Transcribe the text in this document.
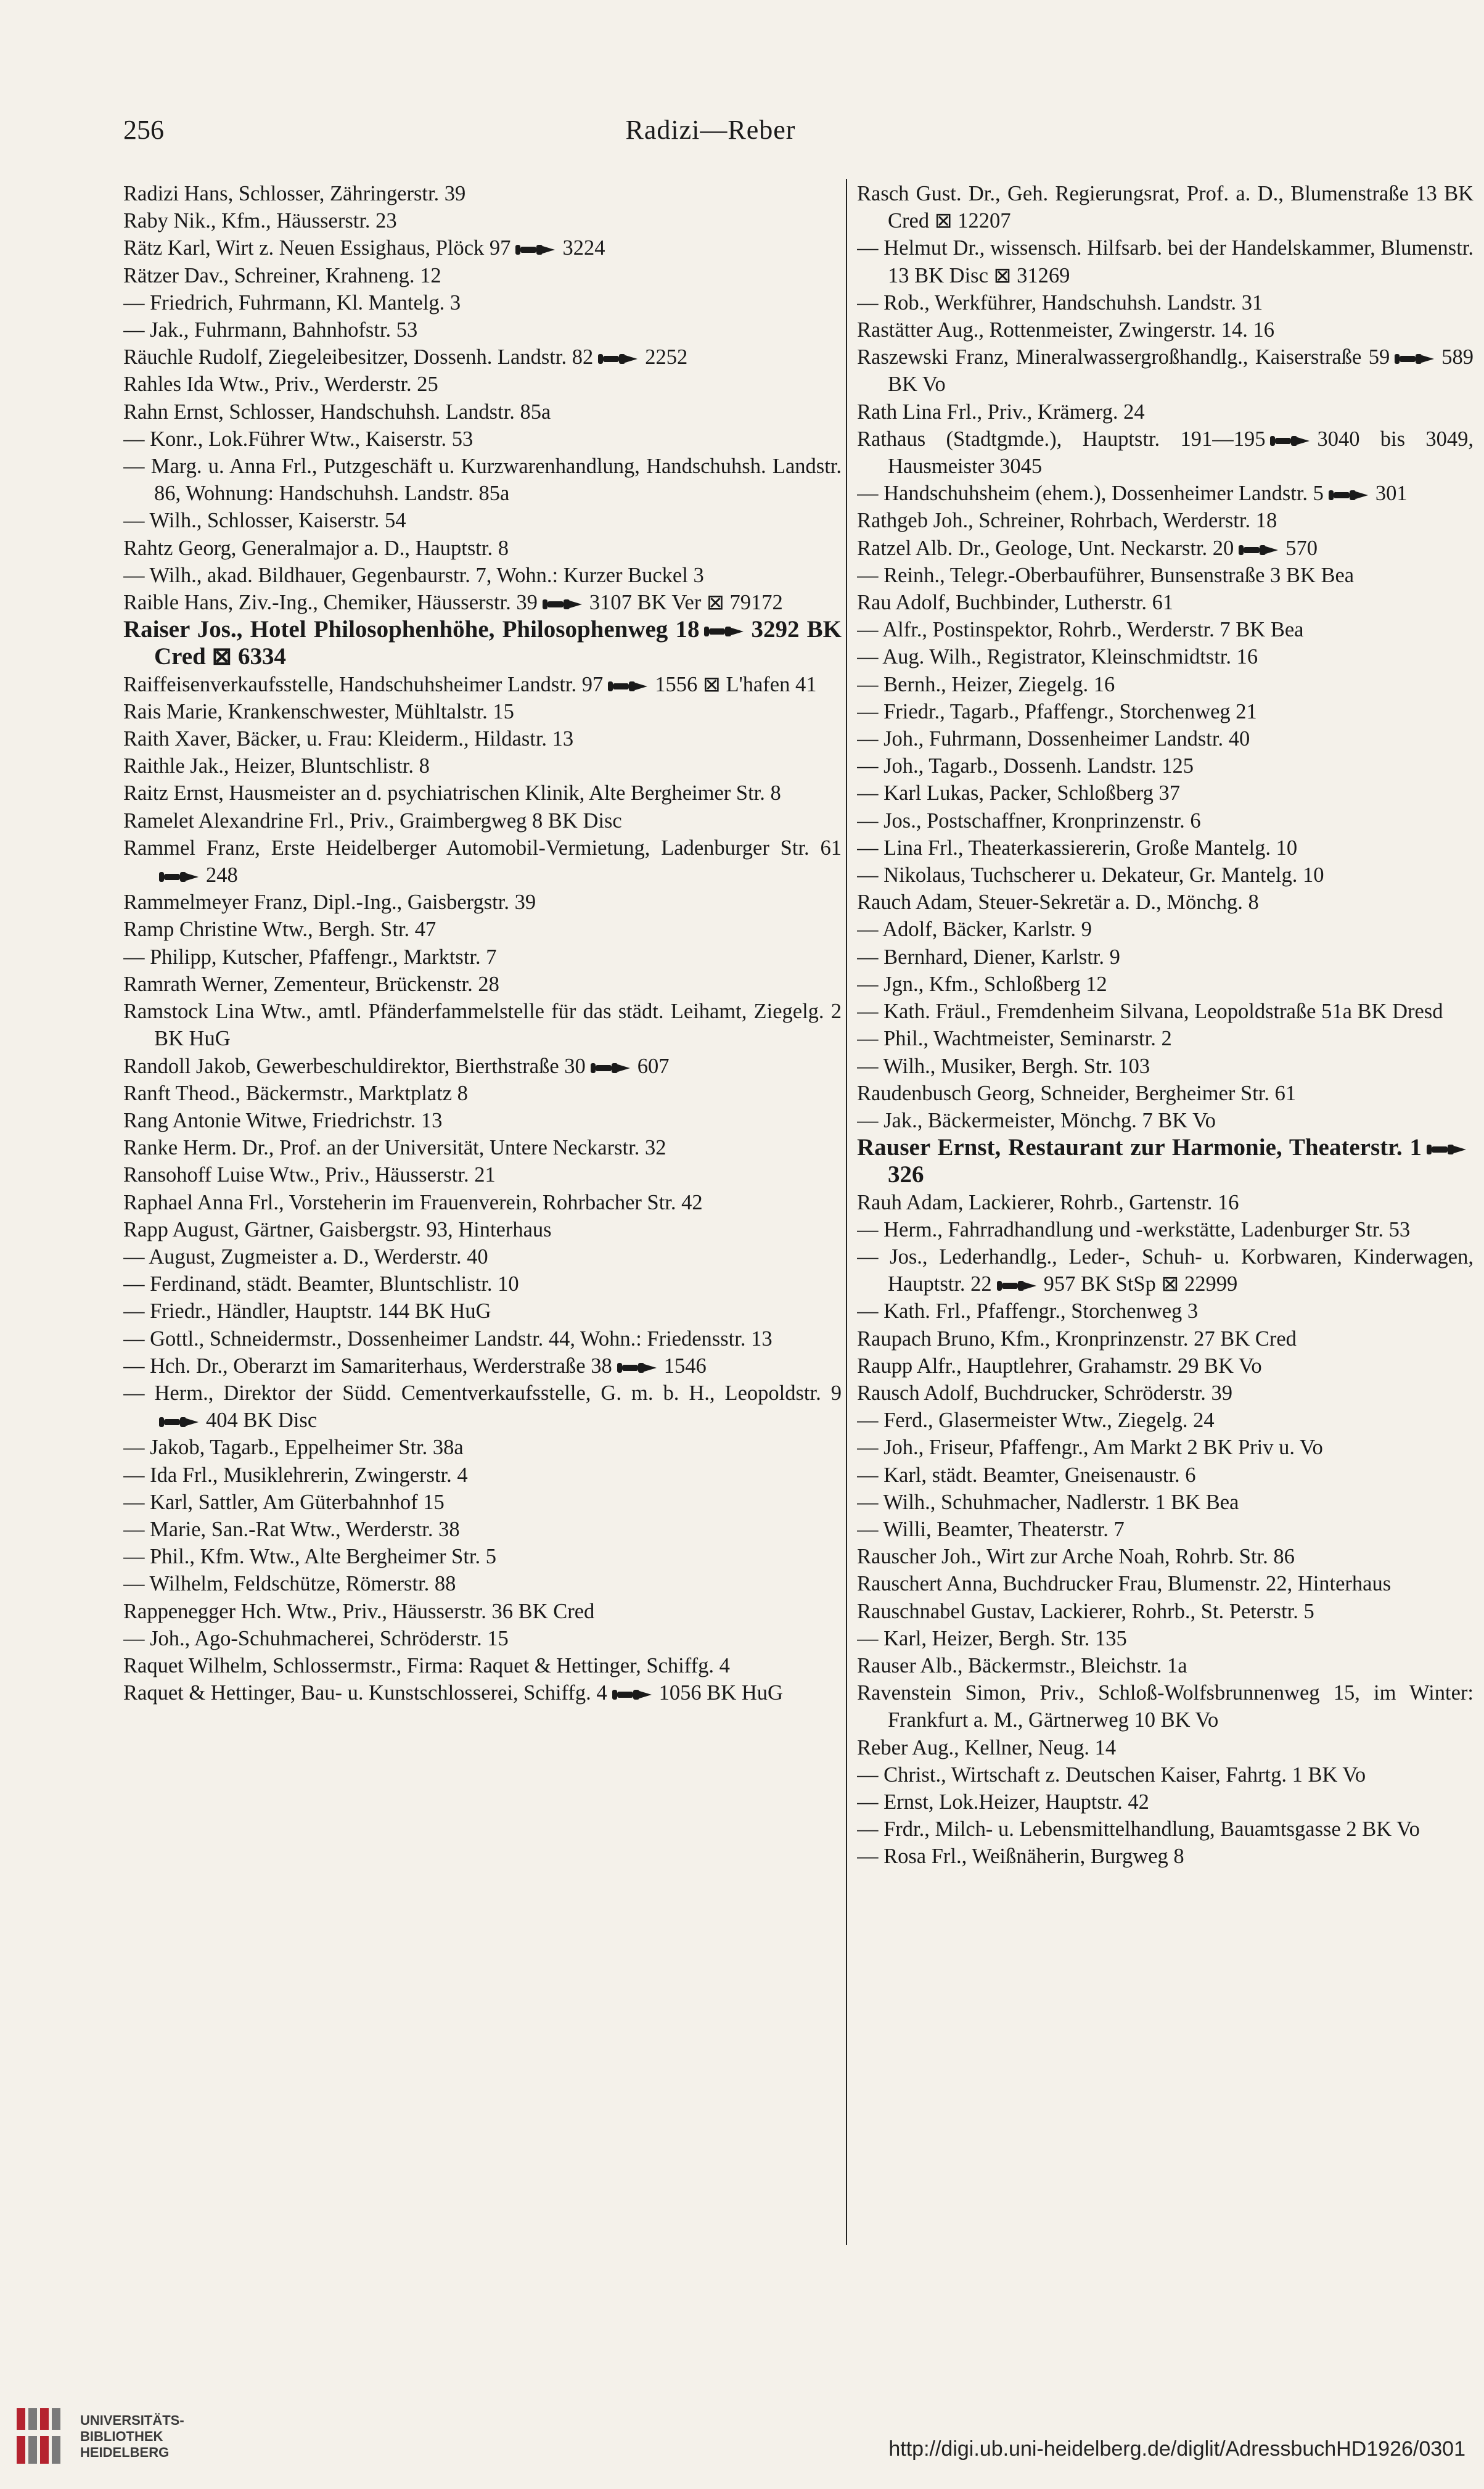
256	Radizi—Reber

Radizi Hans, Schlosser, Zähringerstr. 39

Raby Nik., Kfm., Häusserstr. 23

Rätz Karl, Wirt z. Neuen Essighaus, Plöck 97 3224

Rätzer Dav., Schreiner, Krahneng. 12

— Friedrich, Fuhrmann, Kl. Mantelg. 3

— Jak., Fuhrmann, Bahnhofstr. 53

Räuchle Rudolf, Ziegeleibesitzer, Dossenh. Landstr. 82 2252

Rahles Ida Wtw., Priv., Werderstr. 25

Rahn Ernst, Schlosser, Handschuhsh. Landstr. 85a

— Konr., Lok.Führer Wtw., Kaiserstr. 53

— Marg. u. Anna Frl., Putzgeschäft u. Kurzwarenhandlung, Handschuhsh. Landstr. 86, Wohnung: Handschuhsh. Landstr. 85a

— Wilh., Schlosser, Kaiserstr. 54

Rahtz Georg, Generalmajor a. D., Hauptstr. 8

— Wilh., akad. Bildhauer, Gegenbaurstr. 7, Wohn.: Kurzer Buckel 3

Raible Hans, Ziv.-Ing., Chemiker, Häusserstr. 39 3107 BK Ver ⊠ 79172

Raiser Jos., Hotel Philosophenhöhe, Philosophenweg 18 3292 BK Cred ⊠ 6334

Raiffeisenverkaufsstelle, Handschuhsheimer Landstr. 97 1556 ⊠ L'hafen 41

Rais Marie, Krankenschwester, Mühltalstr. 15

Raith Xaver, Bäcker, u. Frau: Kleiderm., Hildastr. 13

Raithle Jak., Heizer, Bluntschlistr. 8

Raitz Ernst, Hausmeister an d. psychiatrischen Klinik, Alte Bergheimer Str. 8

Ramelet Alexandrine Frl., Priv., Graimbergweg 8 BK Disc

Rammel Franz, Erste Heidelberger Automobil-Vermietung, Ladenburger Str. 61
248

Rammelmeyer Franz, Dipl.-Ing., Gaisbergstr. 39

Ramp Christine Wtw., Bergh. Str. 47

— Philipp, Kutscher, Pfaffengr., Marktstr. 7

Ramrath Werner, Zementeur, Brückenstr. 28

Ramstock Lina Wtw., amtl. Pfänderfammelstelle für das städt. Leihamt, Ziegelg. 2 BK HuG

Randoll Jakob, Gewerbeschuldirektor, Bierthstraße 30 607

Ranft Theod., Bäckermstr., Marktplatz 8

Rang Antonie Witwe, Friedrichstr. 13

Ranke Herm. Dr., Prof. an der Universität, Untere Neckarstr. 32

Ransohoff Luise Wtw., Priv., Häusserstr. 21

Raphael Anna Frl., Vorsteherin im Frauenverein, Rohrbacher Str. 42

Rapp August, Gärtner, Gaisbergstr. 93, Hinterhaus

— August, Zugmeister a. D., Werderstr. 40

— Ferdinand, städt. Beamter, Bluntschlistr. 10

— Friedr., Händler, Hauptstr. 144 BK HuG

— Gottl., Schneidermstr., Dossenheimer Landstr. 44, Wohn.: Friedensstr. 13

— Hch. Dr., Oberarzt im Samariterhaus, Werderstraße 38 1546

— Herm., Direktor der Südd. Cementverkaufsstelle, G. m. b. H., Leopoldstr. 9
404 BK Disc

— Jakob, Tagarb., Eppelheimer Str. 38a

— Ida Frl., Musiklehrerin, Zwingerstr. 4

— Karl, Sattler, Am Güterbahnhof 15

— Marie, San.-Rat Wtw., Werderstr. 38

— Phil., Kfm. Wtw., Alte Bergheimer Str. 5

— Wilhelm, Feldschütze, Römerstr. 88

Rappenegger Hch. Wtw., Priv., Häusserstr. 36 BK Cred

— Joh., Ago-Schuhmacherei, Schröderstr. 15

Raquet Wilhelm, Schlossermstr., Firma: Raquet & Hettinger, Schiffg. 4

Raquet & Hettinger, Bau- u. Kunstschlosserei, Schiffg. 4 1056 BK HuG

Rasch Gust. Dr., Geh. Regierungsrat, Prof. a. D., Blumenstraße 13 BK Cred ⊠ 12207

— Helmut Dr., wissensch. Hilfsarb. bei der Handelskammer, Blumenstr. 13 BK Disc ⊠ 31269

— Rob., Werkführer, Handschuhsh. Landstr. 31

Rastätter Aug., Rottenmeister, Zwingerstr. 14. 16

Raszewski Franz, Mineralwassergroßhandlg., Kaiserstraße 59 589 BK Vo

Rath Lina Frl., Priv., Krämerg. 24

Rathaus (Stadtgmde.), Hauptstr. 191—195 3040 bis 3049, Hausmeister 3045

— Handschuhsheim (ehem.), Dossenheimer Landstr. 5 301

Rathgeb Joh., Schreiner, Rohrbach, Werderstr. 18

Ratzel Alb. Dr., Geologe, Unt. Neckarstr. 20 570

— Reinh., Telegr.-Oberbauführer, Bunsenstraße 3 BK Bea

Rau Adolf, Buchbinder, Lutherstr. 61

— Alfr., Postinspektor, Rohrb., Werderstr. 7 BK Bea

— Aug. Wilh., Registrator, Kleinschmidtstr. 16

— Bernh., Heizer, Ziegelg. 16

— Friedr., Tagarb., Pfaffengr., Storchenweg 21

— Joh., Fuhrmann, Dossenheimer Landstr. 40

— Joh., Tagarb., Dossenh. Landstr. 125

— Karl Lukas, Packer, Schloßberg 37

— Jos., Postschaffner, Kronprinzenstr. 6

— Lina Frl., Theaterkassiererin, Große Mantelg. 10

— Nikolaus, Tuchscherer u. Dekateur, Gr. Mantelg. 10

Rauch Adam, Steuer-Sekretär a. D., Mönchg. 8

— Adolf, Bäcker, Karlstr. 9

— Bernhard, Diener, Karlstr. 9

— Jgn., Kfm., Schloßberg 12

— Kath. Fräul., Fremdenheim Silvana, Leopoldstraße 51a BK Dresd

— Phil., Wachtmeister, Seminarstr. 2

— Wilh., Musiker, Bergh. Str. 103

Raudenbusch Georg, Schneider, Bergheimer Str. 61

— Jak., Bäckermeister, Mönchg. 7 BK Vo

Rauser Ernst, Restaurant zur Harmonie, Theaterstr. 1
326

Rauh Adam, Lackierer, Rohrb., Gartenstr. 16

— Herm., Fahrradhandlung und -werkstätte, Ladenburger Str. 53

— Jos., Lederhandlg., Leder-, Schuh- u. Korbwaren, Kinderwagen, Hauptstr. 22 957 BK StSp ⊠ 22999

— Kath. Frl., Pfaffengr., Storchenweg 3

Raupach Bruno, Kfm., Kronprinzenstr. 27 BK Cred

Raupp Alfr., Hauptlehrer, Grahamstr. 29 BK Vo

Rausch Adolf, Buchdrucker, Schröderstr. 39

— Ferd., Glasermeister Wtw., Ziegelg. 24

— Joh., Friseur, Pfaffengr., Am Markt 2 BK Priv u. Vo

— Karl, städt. Beamter, Gneisenaustr. 6

— Wilh., Schuhmacher, Nadlerstr. 1 BK Bea

— Willi, Beamter, Theaterstr. 7

Rauscher Joh., Wirt zur Arche Noah, Rohrb. Str. 86

Rauschert Anna, Buchdrucker Frau, Blumenstr. 22, Hinterhaus

Rauschnabel Gustav, Lackierer, Rohrb., St. Peterstr. 5

— Karl, Heizer, Bergh. Str. 135

Rauser Alb., Bäckermstr., Bleichstr. 1a

Ravenstein Simon, Priv., Schloß-Wolfsbrunnenweg 15, im Winter: Frankfurt a. M., Gärtnerweg 10 BK Vo

Reber Aug., Kellner, Neug. 14

— Christ., Wirtschaft z. Deutschen Kaiser, Fahrtg. 1 BK Vo

— Ernst, Lok.Heizer, Hauptstr. 42

— Frdr., Milch- u. Lebensmittelhandlung, Bauamtsgasse 2 BK Vo

— Rosa Frl., Weißnäherin, Burgweg 8

UNIVERSITÄTS-
BIBLIOTHEK
HEIDELBERG	http://digi.ub.uni-heidelberg.de/diglit/AdressbuchHD1926/0301
